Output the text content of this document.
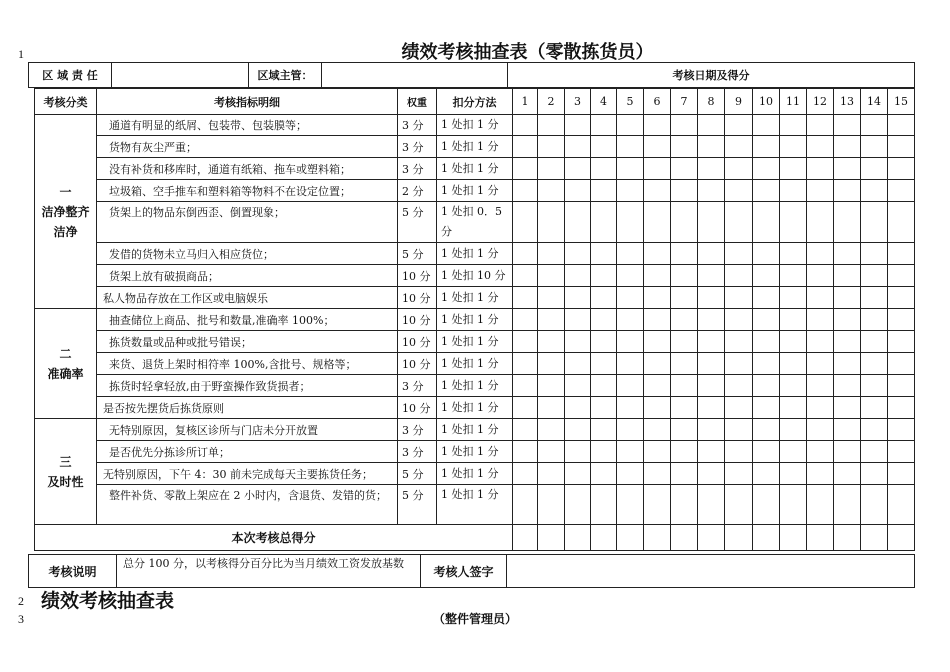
1
2
3
绩效考核抽查表（零散拣货员）
区 域 责 任		区域主管：		考核日期及得分
考核分类	考核指标明细	权重	扣分方法	1	2	3	4	5	6	7	8	9	10	11	12	13	14	15

一
洁净整齐
洁净	通道有明显的纸屑、包装带、包装膜等；	3 分	1 处扣 1 分															
	货物有灰尘严重；	3 分	1 处扣 1 分															
	没有补货和移库时，通道有纸箱、拖车或塑料箱；	3 分	1 处扣 1 分															
	垃圾箱、空手推车和塑料箱等物料不在设定位置；	2 分	1 处扣 1 分															
	货架上的物品东倒西歪、倒置现象；	5 分	1 处扣 0．5 分															
	发借的货物未立马归入相应货位；	5 分	1 处扣 1 分															
	货架上放有破损商品；	10 分	1 处扣 10 分															
	私人物品存放在工作区或电脑娱乐	10 分	1 处扣 1 分															

二
准确率	抽查储位上商品、批号和数量,准确率 100%；	10 分	1 处扣 1 分															
	拣货数量或品种或批号错误；	10 分	1 处扣 1 分															
	来货、退货上架时相符率 100%,含批号、规格等；	10 分	1 处扣 1 分															
	拣货时轻拿轻放,由于野蛮操作致货损者；	3 分	1 处扣 1 分															
	是否按先摆货后拣货原则	10 分	1 处扣 1 分															

三
及时性	无特别原因，复核区诊所与门店未分开放置	3 分	1 处扣 1 分															
	是否优先分拣诊所订单；	3 分	1 处扣 1 分															
	无特别原因，下午 4：30 前未完成每天主要拣货任务；	5 分	1 处扣 1 分															
	整件补货、零散上架应在 2 小时内，含退货、发错的货；	5 分	1 处扣 1 分															
本次考核总得分																		
考核说明	总分 100 分，以考核得分百分比为当月绩效工资发放基数	考核人签字	
绩效考核抽查表
（整件管理员）
